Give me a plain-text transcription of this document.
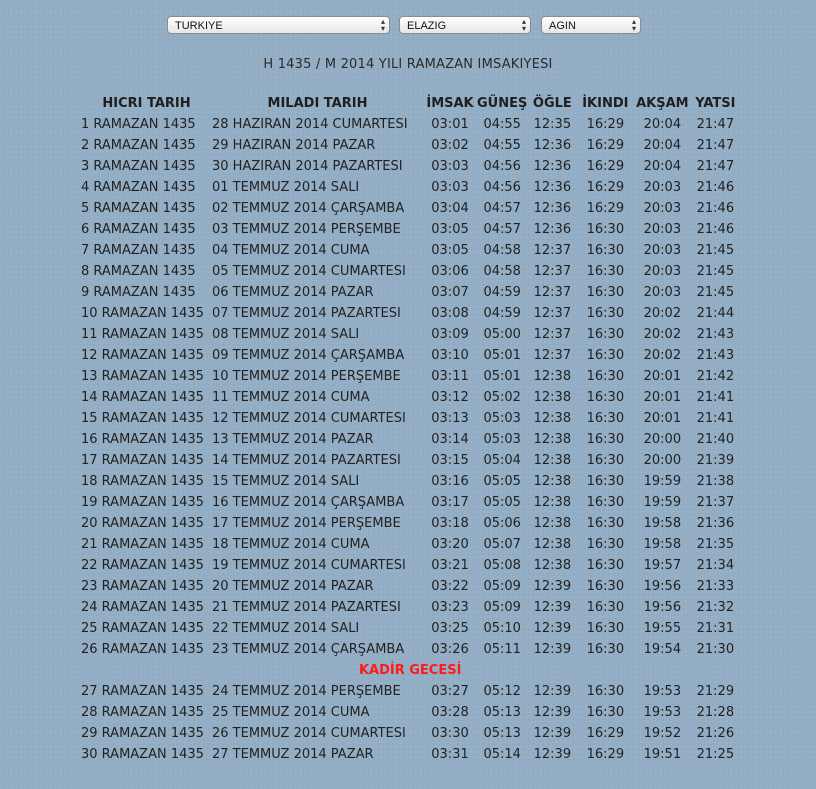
TURKIYE	▴
▾	ELAZIG	▴
▾	AGIN	▴
▾
H 1435 / M 2014 YILI RAMAZAN IMSAKIYESI
HICRI TARIH	MILADI TARIH	İMSAK	GÜNEŞ	ÖĞLE	İKINDI	AKŞAM	YATSI
1 RAMAZAN 1435	28 HAZIRAN 2014 CUMARTESI	03:01	04:55	12:35	16:29	20:04	21:47
2 RAMAZAN 1435	29 HAZIRAN 2014 PAZAR	03:02	04:55	12:36	16:29	20:04	21:47
3 RAMAZAN 1435	30 HAZIRAN 2014 PAZARTESI	03:03	04:56	12:36	16:29	20:04	21:47
4 RAMAZAN 1435	01 TEMMUZ 2014 SALI	03:03	04:56	12:36	16:29	20:03	21:46
5 RAMAZAN 1435	02 TEMMUZ 2014 ÇARŞAMBA	03:04	04:57	12:36	16:29	20:03	21:46
6 RAMAZAN 1435	03 TEMMUZ 2014 PERŞEMBE	03:05	04:57	12:36	16:30	20:03	21:46
7 RAMAZAN 1435	04 TEMMUZ 2014 CUMA	03:05	04:58	12:37	16:30	20:03	21:45
8 RAMAZAN 1435	05 TEMMUZ 2014 CUMARTESI	03:06	04:58	12:37	16:30	20:03	21:45
9 RAMAZAN 1435	06 TEMMUZ 2014 PAZAR	03:07	04:59	12:37	16:30	20:03	21:45
10 RAMAZAN 1435	07 TEMMUZ 2014 PAZARTESI	03:08	04:59	12:37	16:30	20:02	21:44
11 RAMAZAN 1435	08 TEMMUZ 2014 SALI	03:09	05:00	12:37	16:30	20:02	21:43
12 RAMAZAN 1435	09 TEMMUZ 2014 ÇARŞAMBA	03:10	05:01	12:37	16:30	20:02	21:43
13 RAMAZAN 1435	10 TEMMUZ 2014 PERŞEMBE	03:11	05:01	12:38	16:30	20:01	21:42
14 RAMAZAN 1435	11 TEMMUZ 2014 CUMA	03:12	05:02	12:38	16:30	20:01	21:41
15 RAMAZAN 1435	12 TEMMUZ 2014 CUMARTESI	03:13	05:03	12:38	16:30	20:01	21:41
16 RAMAZAN 1435	13 TEMMUZ 2014 PAZAR	03:14	05:03	12:38	16:30	20:00	21:40
17 RAMAZAN 1435	14 TEMMUZ 2014 PAZARTESI	03:15	05:04	12:38	16:30	20:00	21:39
18 RAMAZAN 1435	15 TEMMUZ 2014 SALI	03:16	05:05	12:38	16:30	19:59	21:38
19 RAMAZAN 1435	16 TEMMUZ 2014 ÇARŞAMBA	03:17	05:05	12:38	16:30	19:59	21:37
20 RAMAZAN 1435	17 TEMMUZ 2014 PERŞEMBE	03:18	05:06	12:38	16:30	19:58	21:36
21 RAMAZAN 1435	18 TEMMUZ 2014 CUMA	03:20	05:07	12:38	16:30	19:58	21:35
22 RAMAZAN 1435	19 TEMMUZ 2014 CUMARTESI	03:21	05:08	12:38	16:30	19:57	21:34
23 RAMAZAN 1435	20 TEMMUZ 2014 PAZAR	03:22	05:09	12:39	16:30	19:56	21:33
24 RAMAZAN 1435	21 TEMMUZ 2014 PAZARTESI	03:23	05:09	12:39	16:30	19:56	21:32
25 RAMAZAN 1435	22 TEMMUZ 2014 SALI	03:25	05:10	12:39	16:30	19:55	21:31
26 RAMAZAN 1435	23 TEMMUZ 2014 ÇARŞAMBA	03:26	05:11	12:39	16:30	19:54	21:30
KADİR GECESİ							
27 RAMAZAN 1435	24 TEMMUZ 2014 PERŞEMBE	03:27	05:12	12:39	16:30	19:53	21:29
28 RAMAZAN 1435	25 TEMMUZ 2014 CUMA	03:28	05:13	12:39	16:30	19:53	21:28
29 RAMAZAN 1435	26 TEMMUZ 2014 CUMARTESI	03:30	05:13	12:39	16:29	19:52	21:26
30 RAMAZAN 1435	27 TEMMUZ 2014 PAZAR	03:31	05:14	12:39	16:29	19:51	21:25
